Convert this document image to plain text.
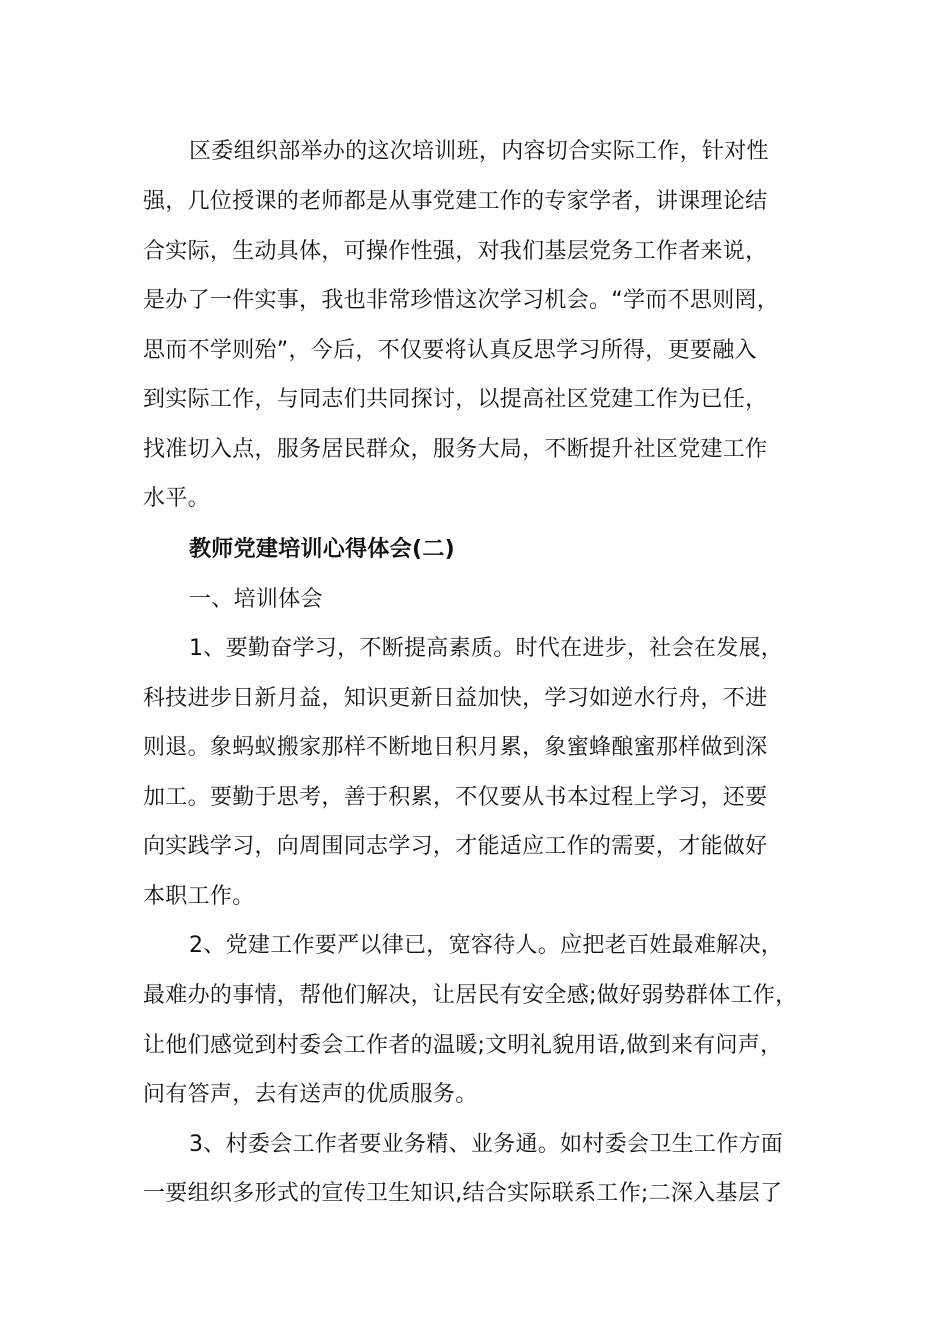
区委组织部举办的这次培训班，内容切合实际工作，针对性
强，几位授课的老师都是从事党建工作的专家学者，讲课理论结
合实际，生动具体，可操作性强，对我们基层党务工作者来说，
是办了一件实事，我也非常珍惜这次学习机会。“学而不思则罔，
思而不学则殆”，今后，不仅要将认真反思学习所得，更要融入
到实际工作，与同志们共同探讨，以提高社区党建工作为已任，
找准切入点，服务居民群众，服务大局，不断提升社区党建工作
水平。
教师党建培训心得体会(二)
一、培训体会
1、要勤奋学习，不断提高素质。时代在进步，社会在发展，
科技进步日新月益，知识更新日益加快，学习如逆水行舟，不进
则退。象蚂蚁搬家那样不断地日积月累，象蜜蜂酿蜜那样做到深
加工。要勤于思考，善于积累，不仅要从书本过程上学习，还要
向实践学习，向周围同志学习，才能适应工作的需要，才能做好
本职工作。
2、党建工作要严以律已，宽容待人。应把老百姓最难解决，
最难办的事情，帮他们解决，让居民有安全感;做好弱势群体工作，
让他们感觉到村委会工作者的温暖;文明礼貌用语,做到来有问声，
问有答声，去有送声的优质服务。
3、村委会工作者要业务精、业务通。如村委会卫生工作方面
一要组织多形式的宣传卫生知识,结合实际联系工作;二深入基层了
